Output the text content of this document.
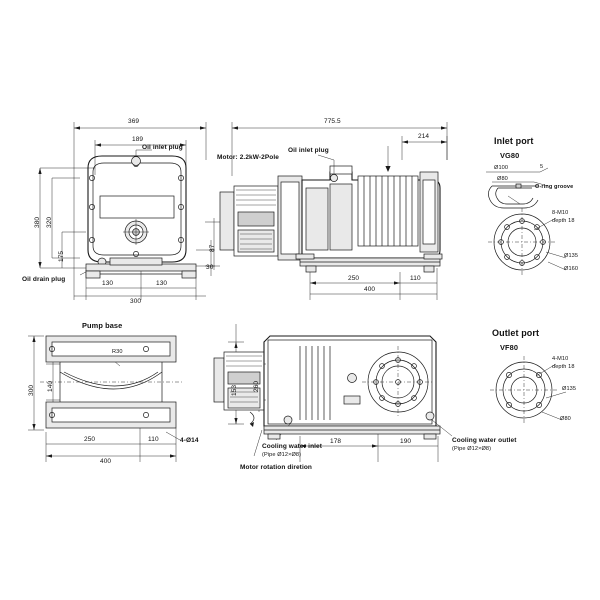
369
189
380 320
175
130	130
300
30
Oil inlet plug
Oil drain plug
775.5
214
87
250	110
400
Motor: 2.2kW-2Pole
Oil inlet plug
Pump base
300 140	260
R30
250	110
400
4-Ø14
153
178	190
Cooling water inlet
(Pipe Ø12×Ø8)
Cooling water outlet
(Pipe Ø12×Ø8)
Motor rotation diretion
Inlet port
VG80
Ø100	5
Ø80
O-ring groove
8-M10
depth 18
Ø135
Ø160
Outlet port
VF80
4-M10
depth 18
Ø135
Ø80
